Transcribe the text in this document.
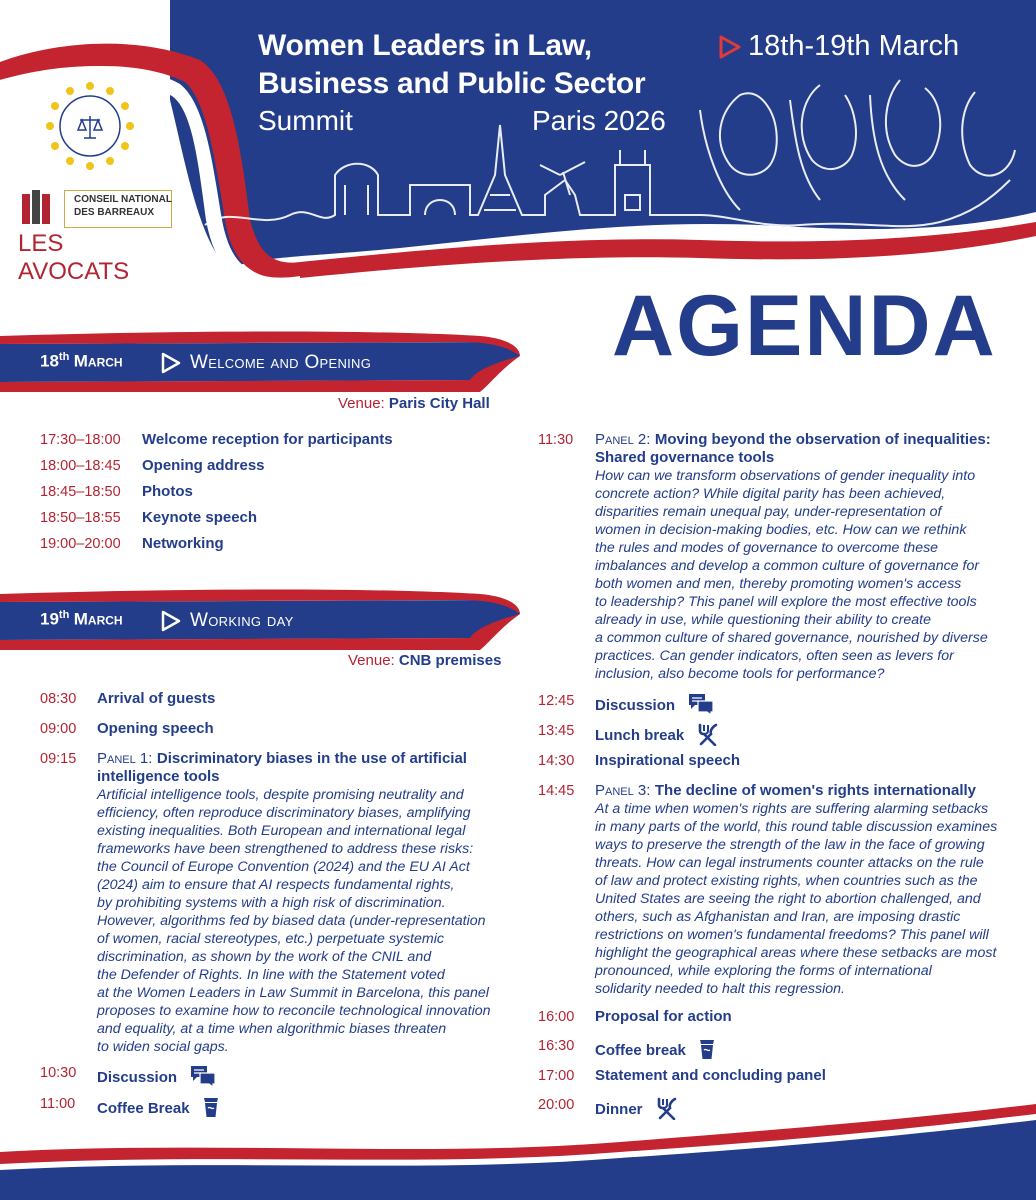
CONSEIL NATIONAL
DES BARREAUX
LES AVOCATS
Women Leaders in Law,
Business and Public Sector
Summit	Paris 2026
18th-19th March
AGENDA
18th March	Welcome and Opening
Venue: Paris City Hall
17:30–18:00 Welcome reception for participants
18:00–18:45 Opening address
18:45–18:50 Photos
18:50–18:55 Keynote speech
19:00–20:00 Networking
19th March	Working day
Venue: CNB premises
08:30 Arrival of guests
09:00 Opening speech
09:15 Panel 1: Discriminatory biases in the use of artificial
intelligence tools
Artificial intelligence tools, despite promising neutrality and
efficiency, often reproduce discriminatory biases, amplifying
existing inequalities. Both European and international legal
frameworks have been strengthened to address these risks:
the Council of Europe Convention (2024) and the EU AI Act
(2024) aim to ensure that AI respects fundamental rights,
by prohibiting systems with a high risk of discrimination.
However, algorithms fed by biased data (under-representation
of women, racial stereotypes, etc.) perpetuate systemic
discrimination, as shown by the work of the CNIL and
the Defender of Rights. In line with the Statement voted
at the Women Leaders in Law Summit in Barcelona, this panel
proposes to examine how to reconcile technological innovation
and equality, at a time when algorithmic biases threaten
to widen social gaps.
10:30 Discussion
11:00 Coffee Break
11:30 Panel 2: Moving beyond the observation of inequalities:
Shared governance tools
How can we transform observations of gender inequality into
concrete action? While digital parity has been achieved,
disparities remain unequal pay, under-representation of
women in decision-making bodies, etc. How can we rethink
the rules and modes of governance to overcome these
imbalances and develop a common culture of governance for
both women and men, thereby promoting women's access
to leadership? This panel will explore the most effective tools
already in use, while questioning their ability to create
a common culture of shared governance, nourished by diverse
practices. Can gender indicators, often seen as levers for
inclusion, also become tools for performance?
12:45 Discussion
13:45 Lunch break
14:30 Inspirational speech
14:45 Panel 3: The decline of women's rights internationally
At a time when women's rights are suffering alarming setbacks
in many parts of the world, this round table discussion examines
ways to preserve the strength of the law in the face of growing
threats. How can legal instruments counter attacks on the rule
of law and protect existing rights, when countries such as the
United States are seeing the right to abortion challenged, and
others, such as Afghanistan and Iran, are imposing drastic
restrictions on women's fundamental freedoms? This panel will
highlight the geographical areas where these setbacks are most
pronounced, while exploring the forms of international
solidarity needed to halt this regression.
16:00 Proposal for action
16:30 Coffee break
17:00 Statement and concluding panel
20:00 Dinner
